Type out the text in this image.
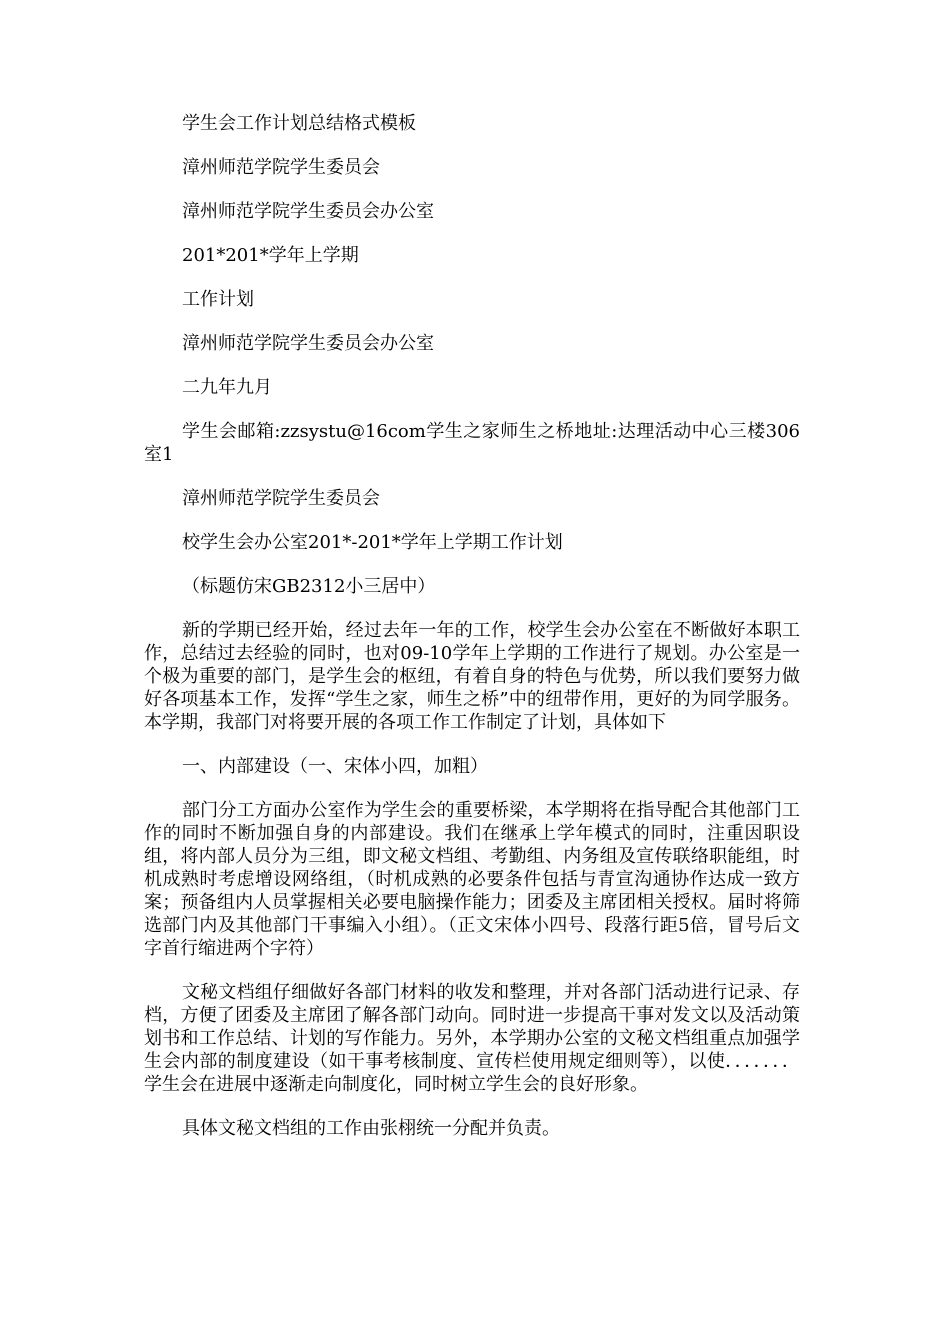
学生会工作计划总结格式模板

漳州师范学院学生委员会

漳州师范学院学生委员会办公室

201*201*学年上学期

工作计划

漳州师范学院学生委员会办公室

二九年九月

学生会邮箱:zzsystu@16com学生之家师生之桥地址:达理活动中心三楼306室1

漳州师范学院学生委员会

校学生会办公室201*-201*学年上学期工作计划

（标题仿宋GB2312小三居中）

新的学期已经开始，经过去年一年的工作，校学生会办公室在不断做好本职工作，总结过去经验的同时，也对09-10学年上学期的工作进行了规划。办公室是一个极为重要的部门，是学生会的枢纽，有着自身的特色与优势，所以我们要努力做好各项基本工作，发挥“学生之家，师生之桥”中的纽带作用，更好的为同学服务。本学期，我部门对将要开展的各项工作工作制定了计划，具体如下

一、内部建设（一、宋体小四，加粗）

部门分工方面办公室作为学生会的重要桥梁，本学期将在指导配合其他部门工作的同时不断加强自身的内部建设。我们在继承上学年模式的同时，注重因职设组，将内部人员分为三组，即文秘文档组、考勤组、内务组及宣传联络职能组，时机成熟时考虑增设网络组，（时机成熟的必要条件包括与青宣沟通协作达成一致方案；预备组内人员掌握相关必要电脑操作能力；团委及主席团相关授权。届时将筛选部门内及其他部门干事编入小组）。（正文宋体小四号、段落行距5倍，冒号后文字首行缩进两个字符）

文秘文档组仔细做好各部门材料的收发和整理，并对各部门活动进行记录、存档，方便了团委及主席团了解各部门动向。同时进一步提高干事对发文以及活动策划书和工作总结、计划的写作能力。另外，本学期办公室的文秘文档组重点加强学生会内部的制度建设（如干事考核制度、宣传栏使用规定细则等），以使．．．．．．．学生会在进展中逐渐走向制度化，同时树立学生会的良好形象。

具体文秘文档组的工作由张栩统一分配并负责。
